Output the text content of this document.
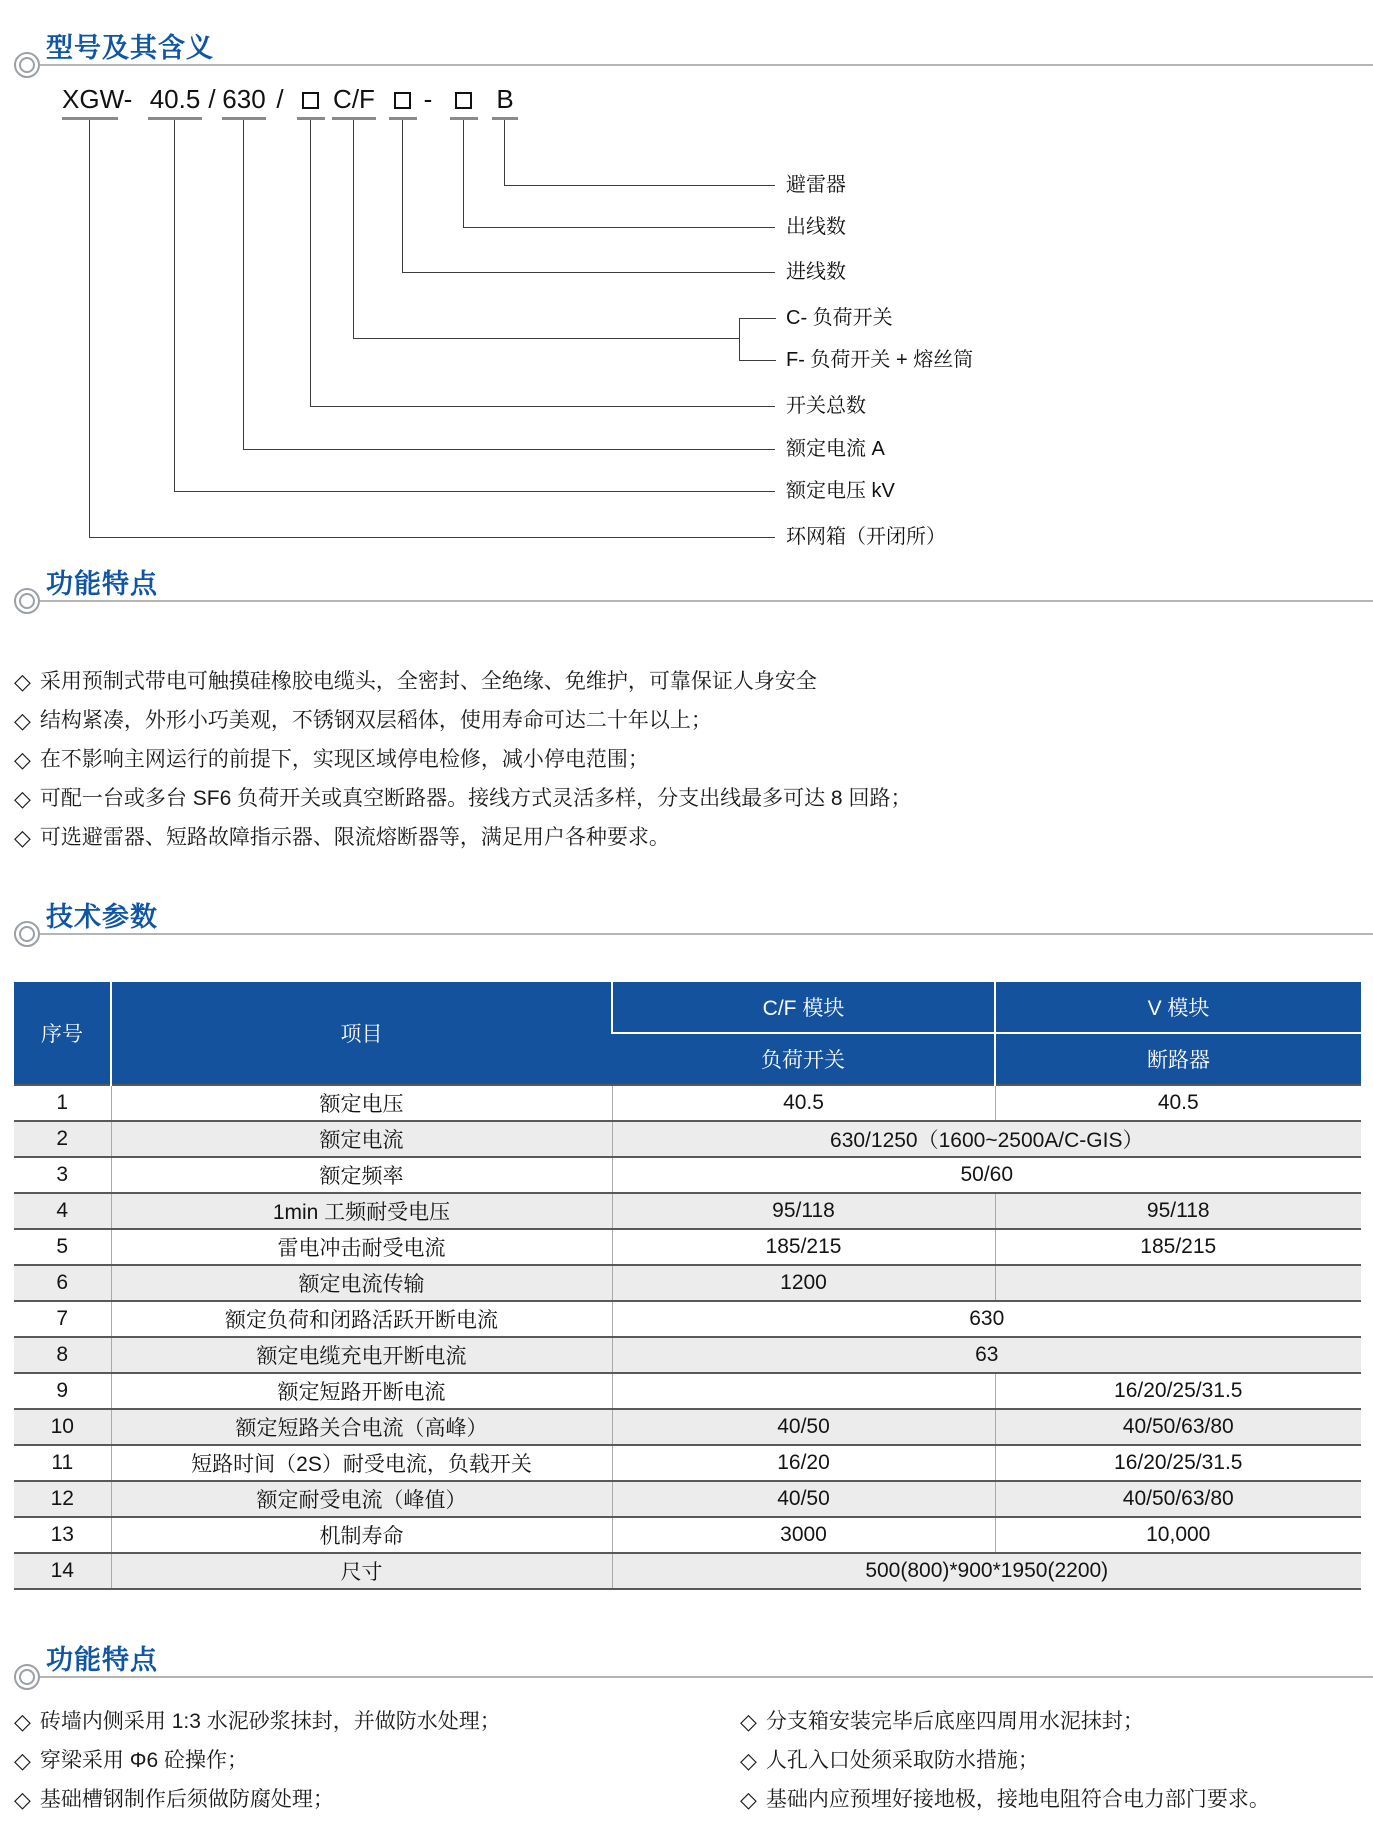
型号及其含义
XGW - 40.5 / 630 / C/F - B
避雷器
出线数
进线数
C- 负荷开关
F- 负荷开关 + 熔丝筒
开关总数
额定电流 A
额定电压 kV
环网箱（开闭所）
功能特点
◇ 采用预制式带电可触摸硅橡胶电缆头，全密封、全绝缘、免维护，可靠保证人身安全
◇ 结构紧凑，外形小巧美观，不锈钢双层稻体，使用寿命可达二十年以上；
◇ 在不影响主网运行的前提下，实现区域停电检修，减小停电范围；
◇ 可配一台或多台 SF6 负荷开关或真空断路器。接线方式灵活多样，分支出线最多可达 8 回路；
◇ 可选避雷器、短路故障指示器、限流熔断器等，满足用户各种要求。
技术参数
序号	项目	C/F 模块	V 模块
		负荷开关	断路器
1	额定电压	40.5	40.5
2	额定电流	630/1250（1600~2500A/C-GIS）	
3	额定频率	50/60	
4	1min 工频耐受电压	95/118	95/118
5	雷电冲击耐受电流	185/215	185/215
6	额定电流传输	1200	
7	额定负荷和闭路活跃开断电流	630	
8	额定电缆充电开断电流	63	
9	额定短路开断电流		16/20/25/31.5
10	额定短路关合电流（高峰）	40/50	40/50/63/80
11	短路时间（2S）耐受电流，负载开关	16/20	16/20/25/31.5
12	额定耐受电流（峰值）	40/50	40/50/63/80
13	机制寿命	3000	10,000
14	尺寸	500(800)*900*1950(2200)	
功能特点
◇ 砖墙内侧采用 1:3 水泥砂浆抹封，并做防水处理；
◇ 穿梁采用 Φ6 砼操作；
◇ 基础槽钢制作后须做防腐处理；
◇ 分支箱安装完毕后底座四周用水泥抹封；
◇ 人孔入口处须采取防水措施；
◇ 基础内应预埋好接地极，接地电阻符合电力部门要求。
